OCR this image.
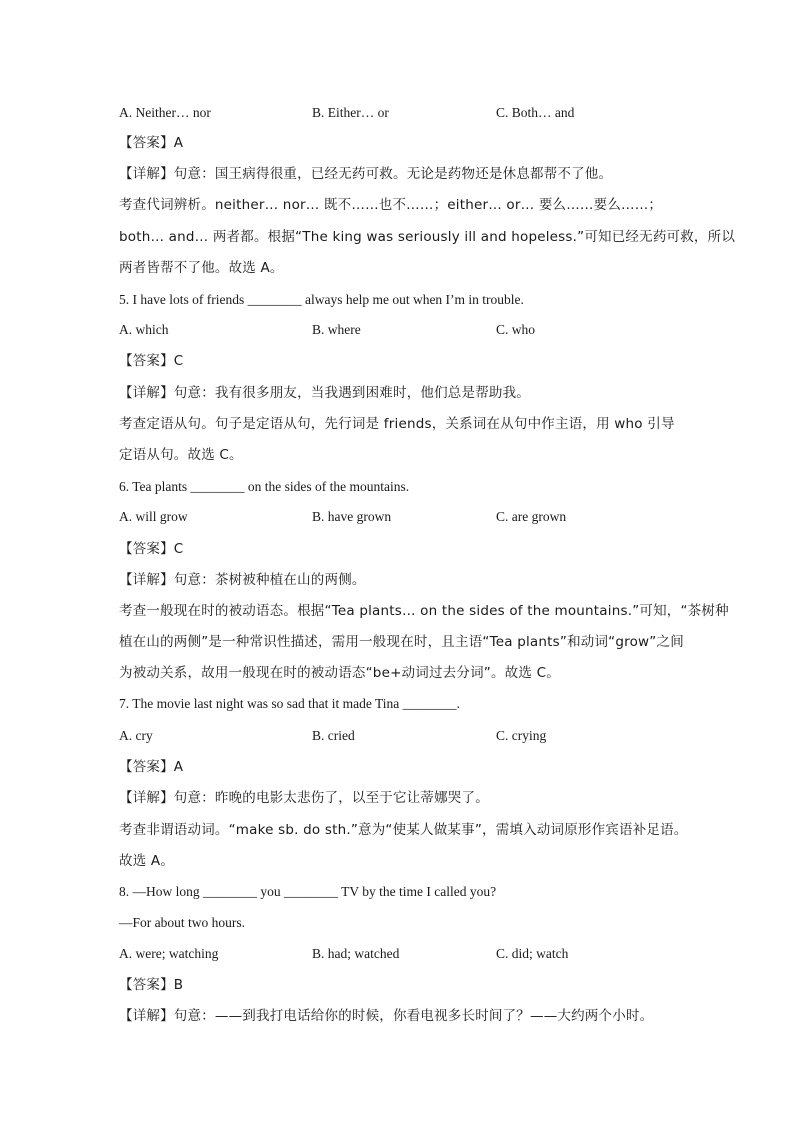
A. Neither… nor	B. Either… or	C. Both… and
【答案】A
【详解】句意：国王病得很重，已经无药可救。无论是药物还是休息都帮不了他。
考查代词辨析。neither… nor… 既不……也不……；either… or… 要么……要么……；
both… and… 两者都。根据“The king was seriously ill and hopeless.”可知已经无药可救，所以
两者皆帮不了他。故选 A。
5. I have lots of friends ________ always help me out when I’m in trouble.
A. which	B. where	C. who
【答案】C
【详解】句意：我有很多朋友，当我遇到困难时，他们总是帮助我。
考查定语从句。句子是定语从句，先行词是 friends，关系词在从句中作主语，用 who 引导
定语从句。故选 C。
6. Tea plants ________ on the sides of the mountains.
A. will grow	B. have grown	C. are grown
【答案】C
【详解】句意：茶树被种植在山的两侧。
考查一般现在时的被动语态。根据“Tea plants… on the sides of the mountains.”可知，“茶树种
植在山的两侧”是一种常识性描述，需用一般现在时，且主语“Tea plants”和动词“grow”之间
为被动关系，故用一般现在时的被动语态“be+动词过去分词”。故选 C。
7. The movie last night was so sad that it made Tina ________.
A. cry	B. cried	C. crying
【答案】A
【详解】句意：昨晚的电影太悲伤了，以至于它让蒂娜哭了。
考查非谓语动词。“make sb. do sth.”意为“使某人做某事”，需填入动词原形作宾语补足语。
故选 A。
8. —How long ________ you ________ TV by the time I called you?
—For about two hours.
A. were; watching	B. had; watched	C. did; watch
【答案】B
【详解】句意：——到我打电话给你的时候，你看电视多长时间了？——大约两个小时。
